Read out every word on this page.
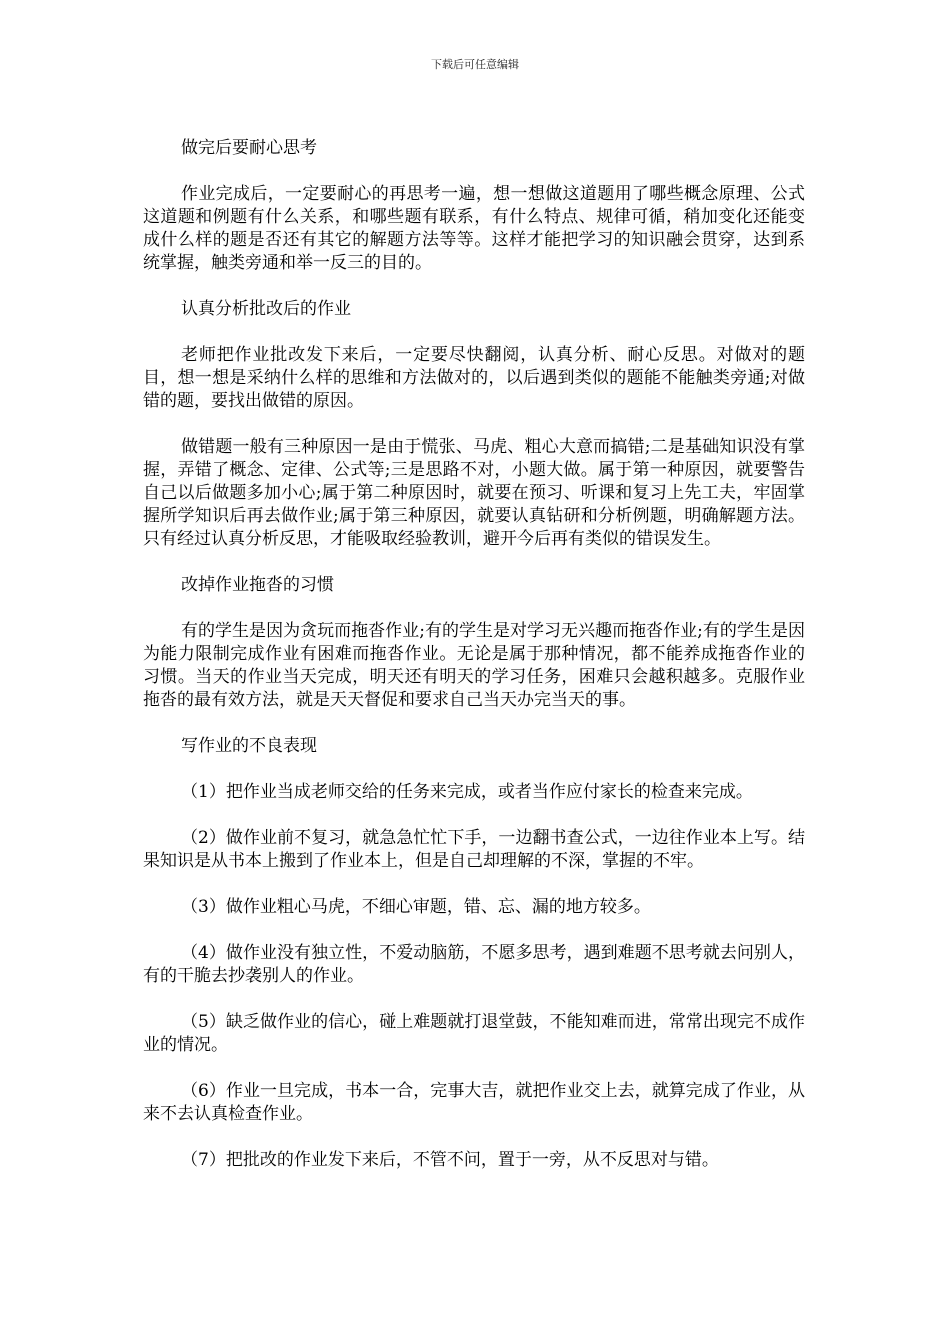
下载后可任意编辑

做完后要耐心思考

作业完成后，一定要耐心的再思考一遍，想一想做这道题用了哪些概念原理、公式这道题和例题有什么关系，和哪些题有联系，有什么特点、规律可循，稍加变化还能变成什么样的题是否还有其它的解题方法等等。这样才能把学习的知识融会贯穿，达到系统掌握，触类旁通和举一反三的目的。

认真分析批改后的作业

老师把作业批改发下来后，一定要尽快翻阅，认真分析、耐心反思。对做对的题目，想一想是采纳什么样的思维和方法做对的，以后遇到类似的题能不能触类旁通;对做错的题，要找出做错的原因。

做错题一般有三种原因一是由于慌张、马虎、粗心大意而搞错;二是基础知识没有掌握，弄错了概念、定律、公式等;三是思路不对，小题大做。属于第一种原因，就要警告自己以后做题多加小心;属于第二种原因时，就要在预习、听课和复习上先工夫，牢固掌握所学知识后再去做作业;属于第三种原因，就要认真钻研和分析例题，明确解题方法。只有经过认真分析反思，才能吸取经验教训，避开今后再有类似的错误发生。

改掉作业拖沓的习惯

有的学生是因为贪玩而拖沓作业;有的学生是对学习无兴趣而拖沓作业;有的学生是因为能力限制完成作业有困难而拖沓作业。无论是属于那种情况，都不能养成拖沓作业的习惯。当天的作业当天完成，明天还有明天的学习任务，困难只会越积越多。克服作业拖沓的最有效方法，就是天天督促和要求自己当天办完当天的事。

写作业的不良表现

（1）把作业当成老师交给的任务来完成，或者当作应付家长的检查来完成。

（2）做作业前不复习，就急急忙忙下手，一边翻书查公式，一边往作业本上写。结果知识是从书本上搬到了作业本上，但是自己却理解的不深，掌握的不牢。

（3）做作业粗心马虎，不细心审题，错、忘、漏的地方较多。

（4）做作业没有独立性，不爱动脑筋，不愿多思考，遇到难题不思考就去问别人，有的干脆去抄袭别人的作业。

（5）缺乏做作业的信心，碰上难题就打退堂鼓，不能知难而进，常常出现完不成作业的情况。

（6）作业一旦完成，书本一合，完事大吉，就把作业交上去，就算完成了作业，从来不去认真检查作业。

（7）把批改的作业发下来后，不管不问，置于一旁，从不反思对与错。
